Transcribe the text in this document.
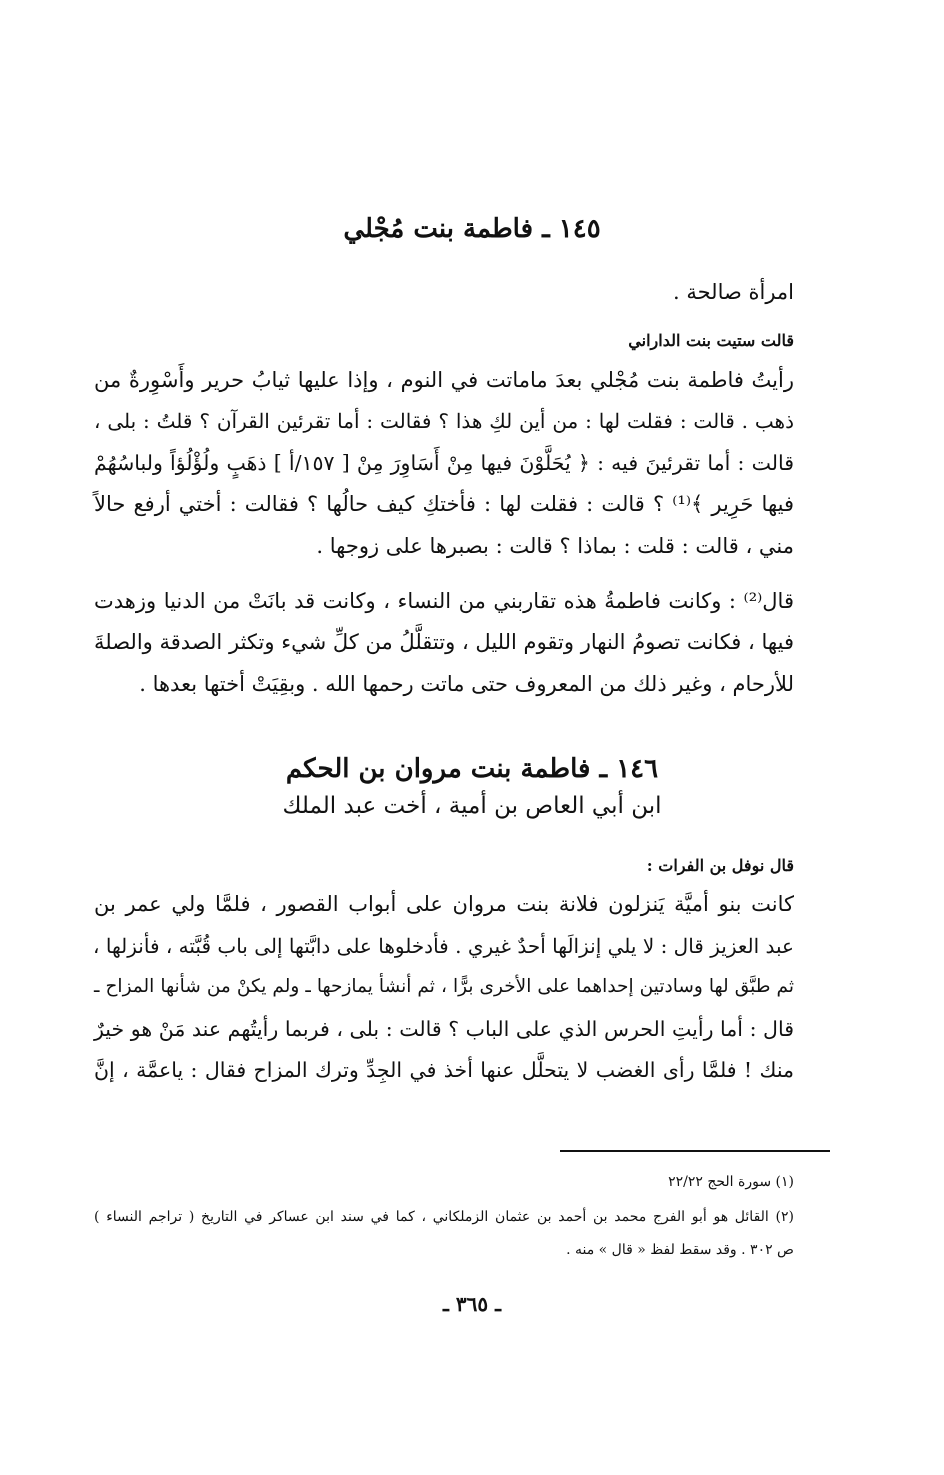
١٤٥ ـ فاطمة بنت مُجْلي
امرأة صالحة .
قالت ستيت بنت الداراني
رأيتُ فاطمة بنت مُجْلي بعدَ ماماتت في النوم ، وإذا عليها ثيابُ حرير وأَسْوِرةٌ من
ذهب . قالت : فقلت لها : من أين لكِ هذا ؟ فقالت : أما تقرئين القرآن ؟ قلتُ : بلى ،
قالت : أما تقرئينَ فيه : ﴿ يُحَلَّوْنَ فيها مِنْ أَسَاوِرَ مِنْ [ ١٥٧/أ ] ذهَبٍ ولُؤْلُؤاً ولباسُهُمْ
فيها حَرِير ﴾⁽¹⁾ ؟ قالت : فقلت لها : فأختكِ كيف حالُها ؟ فقالت : أختي أرفع حالاً
مني ، قالت : قلت : بماذا ؟ قالت : بصبرها على زوجها .
قال⁽²⁾ : وكانت فاطمةُ هذه تقاربني من النساء ، وكانت قد بانَتْ من الدنيا وزهدت
فيها ، فكانت تصومُ النهار وتقوم الليل ، وتتقلَّلُ من كلِّ شيء وتكثر الصدقة والصلةَ
للأرحام ، وغير ذلك من المعروف حتى ماتت رحمها الله . وبقِيَتْ أختها بعدها .
١٤٦ ـ فاطمة بنت مروان بن الحكم
ابن أبي العاص بن أمية ، أخت عبد الملك
قال نوفل بن الفرات :
كانت بنو أميَّة يَنزلون فلانة بنت مروان على أبواب القصور ، فلمَّا ولي عمر بن
عبد العزيز قال : لا يلي إنزالَها أحدٌ غيري . فأدخلوها على دابَّتها إلى باب قُبَّته ، فأنزلها ،
ثم طبَّق لها وسادتين إحداهما على الأخرى برًّا ، ثم أنشأ يمازحها ـ ولم يكنْ من شأنها المزاح ـ
قال : أما رأيتِ الحرس الذي على الباب ؟ قالت : بلى ، فربما رأيتُهم عند مَنْ هو خيرٌ
منك ! فلمَّا رأى الغضب لا يتحلَّل عنها أخذ في الجِدِّ وترك المزاح فقال : ياعمَّة ، إنَّ
(١) سورة الحج ٢٢/٢٢
(٢) القائل هو أبو الفرج محمد بن أحمد بن عثمان الزملكاني ، كما في سند ابن عساكر في التاريخ ( تراجم النساء )
ص ٣٠٢ . وقد سقط لفظ « قال » منه .
ـ ٣٦٥ ـ
